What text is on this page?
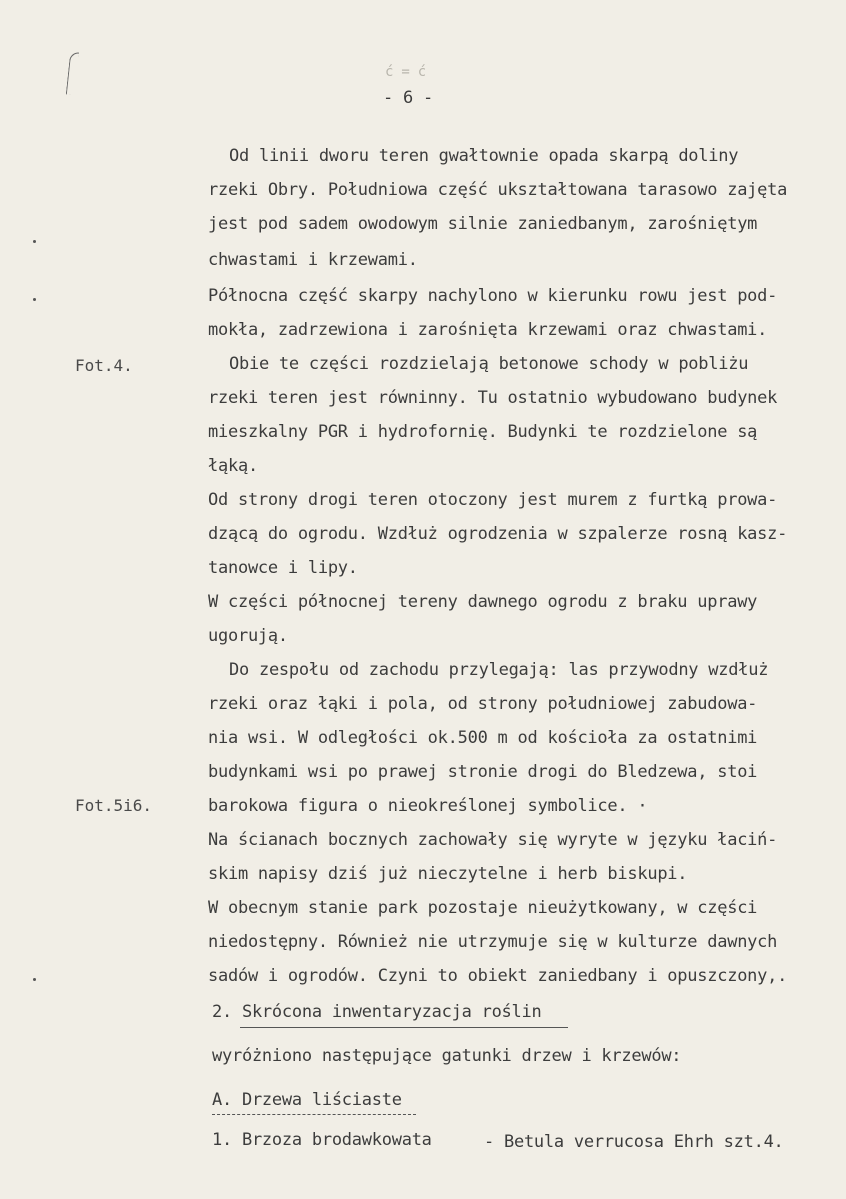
ć = ć
- 6 -
Fot.4.
Fot.5i6.
Od linii dworu teren gwałtownie opada skarpą doliny
rzeki Obry. Południowa część ukształtowana tarasowo zajęta
jest pod sadem owodowym silnie zaniedbanym, zarośniętym
chwastami i krzewami.
Północna część skarpy nachylono w kierunku rowu jest pod-
mokła, zadrzewiona i zarośnięta krzewami oraz chwastami.
Obie te części rozdzielają betonowe schody w pobliżu
rzeki teren jest równinny. Tu ostatnio wybudowano budynek
mieszkalny PGR i hydrofornię. Budynki te rozdzielone są
łąką.
Od strony drogi teren otoczony jest murem z furtką prowa-
dzącą do ogrodu. Wzdłuż ogrodzenia w szpalerze rosną kasz-
tanowce i lipy.
W części północnej tereny dawnego ogrodu z braku uprawy
ugorują.
Do zespołu od zachodu przylegają: las przywodny wzdłuż
rzeki oraz łąki i pola, od strony południowej zabudowa-
nia wsi. W odległości ok.500 m od kościoła za ostatnimi
budynkami wsi po prawej stronie drogi do Bledzewa, stoi
barokowa figura o nieokreślonej symbolice. ·
Na ścianach bocznych zachowały się wyryte w języku łaciń-
skim napisy dziś już nieczytelne i herb biskupi.
W obecnym stanie park pozostaje nieużytkowany, w części
niedostępny. Również nie utrzymuje się w kulturze dawnych
sadów i ogrodów. Czyni to obiekt zaniedbany i opuszczony,.
2. Skrócona inwentaryzacja roślin
wyróżniono następujące gatunki drzew i krzewów:
A. Drzewa liściaste
1. Brzoza brodawkowata	- Betula verrucosa Ehrh szt.4.
